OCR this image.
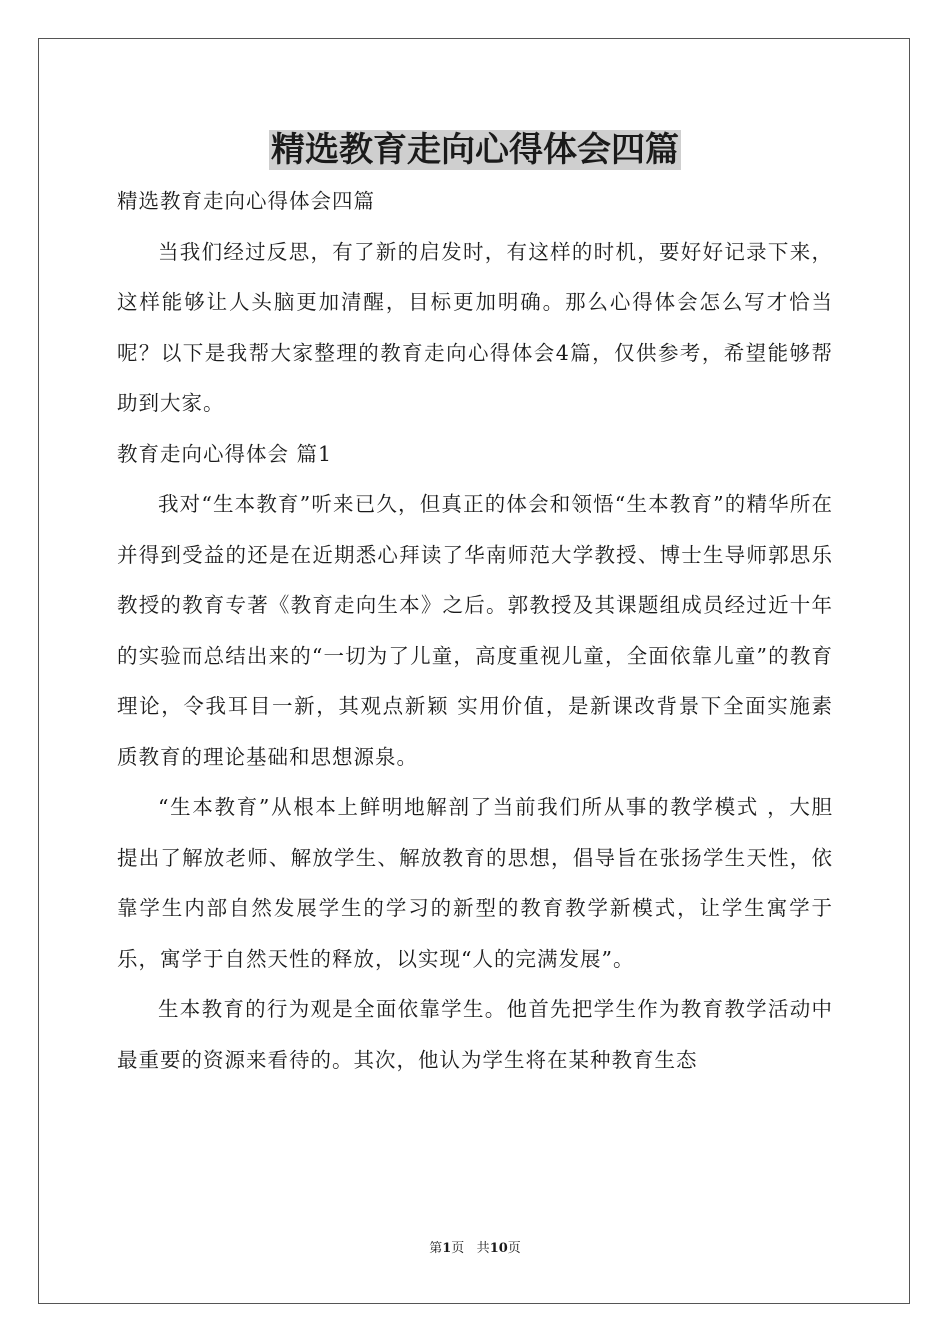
精选教育走向心得体会四篇

精选教育走向心得体会四篇

当我们经过反思，有了新的启发时，有这样的时机，要好好记录下来，这样能够让人头脑更加清醒，目标更加明确。那么心得体会怎么写才恰当呢？以下是我帮大家整理的教育走向心得体会4篇，仅供参考，希望能够帮助到大家。

教育走向心得体会 篇1

我对“生本教育”听来已久，但真正的体会和领悟“生本教育”的精华所在并得到受益的还是在近期悉心拜读了华南师范大学教授、博士生导师郭思乐教授的教育专著《教育走向生本》之后。郭教授及其课题组成员经过近十年的实验而总结出来的“一切为了儿童，高度重视儿童，全面依靠儿童”的教育理论，令我耳目一新，其观点新颖 实用价值，是新课改背景下全面实施素质教育的理论基础和思想源泉。

“生本教育”从根本上鲜明地解剖了当前我们所从事的教学模式 ，大胆提出了解放老师、解放学生、解放教育的思想，倡导旨在张扬学生天性，依靠学生内部自然发展学生的学习的新型的教育教学新模式，让学生寓学于乐，寓学于自然天性的释放，以实现“人的完满发展”。

生本教育的行为观是全面依靠学生。他首先把学生作为教育教学活动中最重要的资源来看待的。其次，他认为学生将在某种教育生态

第1页 共10页
